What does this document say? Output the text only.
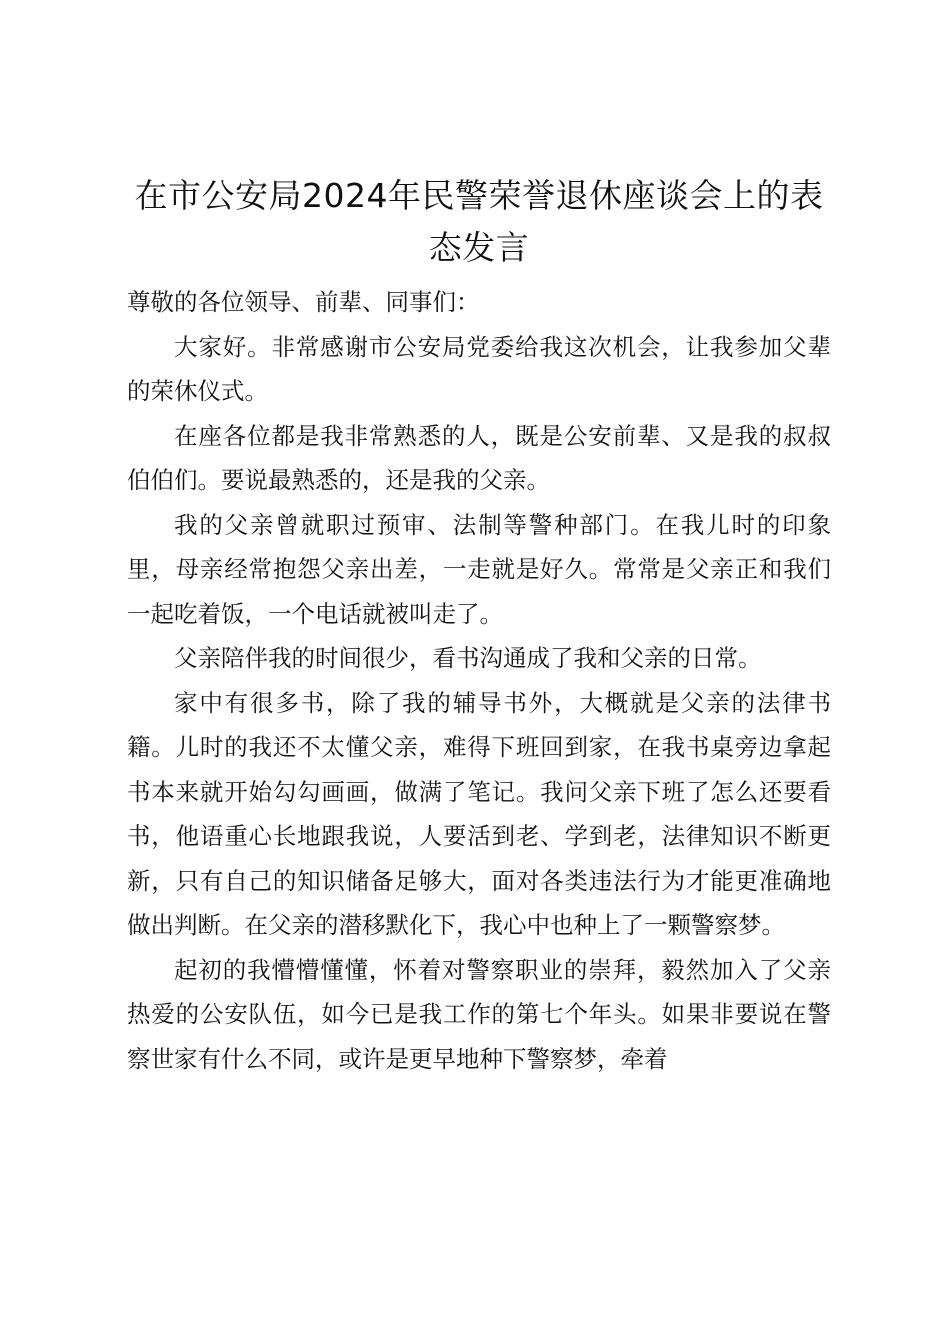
在市公安局2024年民警荣誉退休座谈会上的表态发言

尊敬的各位领导、前辈、同事们：

大家好。非常感谢市公安局党委给我这次机会，让我参加父辈的荣休仪式。

在座各位都是我非常熟悉的人，既是公安前辈、又是我的叔叔伯伯们。要说最熟悉的，还是我的父亲。

我的父亲曾就职过预审、法制等警种部门。在我儿时的印象里，母亲经常抱怨父亲出差，一走就是好久。常常是父亲正和我们一起吃着饭，一个电话就被叫走了。

父亲陪伴我的时间很少，看书沟通成了我和父亲的日常。

家中有很多书，除了我的辅导书外，大概就是父亲的法律书籍。儿时的我还不太懂父亲，难得下班回到家，在我书桌旁边拿起书本来就开始勾勾画画，做满了笔记。我问父亲下班了怎么还要看书，他语重心长地跟我说，人要活到老、学到老，法律知识不断更新，只有自己的知识储备足够大，面对各类违法行为才能更准确地做出判断。在父亲的潜移默化下，我心中也种上了一颗警察梦。

起初的我懵懵懂懂，怀着对警察职业的崇拜，毅然加入了父亲热爱的公安队伍，如今已是我工作的第七个年头。如果非要说在警察世家有什么不同，或许是更早地种下警察梦，牵着
